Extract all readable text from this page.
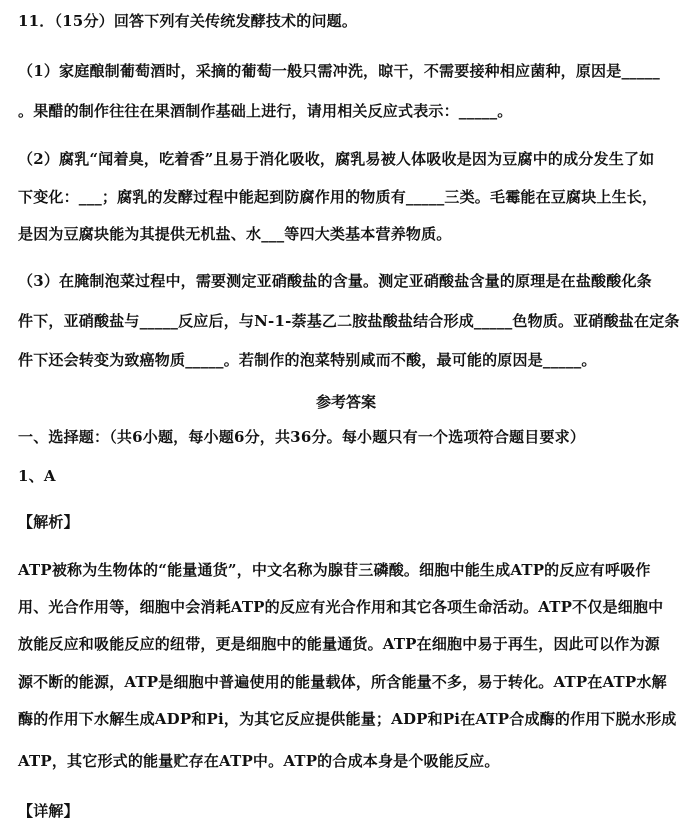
11．（15分）回答下列有关传统发酵技术的问题。
（1）家庭酿制葡萄酒时，采摘的葡萄一般只需冲洗，晾干，不需要接种相应菌种，原因是_____
。果醋的制作往往在果酒制作基础上进行，请用相关反应式表示：_____。
（2）腐乳“闻着臭，吃着香”且易于消化吸收，腐乳易被人体吸收是因为豆腐中的成分发生了如
下变化：___；腐乳的发酵过程中能起到防腐作用的物质有_____三类。毛霉能在豆腐块上生长，
是因为豆腐块能为其提供无机盐、水___等四大类基本营养物质。
（3）在腌制泡菜过程中，需要测定亚硝酸盐的含量。测定亚硝酸盐含量的原理是在盐酸酸化条
件下，亚硝酸盐与_____反应后，与N-1-萘基乙二胺盐酸盐结合形成_____色物质。亚硝酸盐在定条
件下还会转变为致癌物质_____。若制作的泡菜特别咸而不酸，最可能的原因是_____。
参考答案
一、选择题：（共6小题，每小题6分，共36分。每小题只有一个选项符合题目要求）
1、A
【解析】
ATP被称为生物体的“能量通货”，中文名称为腺苷三磷酸。细胞中能生成ATP的反应有呼吸作
用、光合作用等，细胞中会消耗ATP的反应有光合作用和其它各项生命活动。ATP不仅是细胞中
放能反应和吸能反应的纽带，更是细胞中的能量通货。ATP在细胞中易于再生，因此可以作为源
源不断的能源，ATP是细胞中普遍使用的能量载体，所含能量不多，易于转化。ATP在ATP水解
酶的作用下水解生成ADP和Pi，为其它反应提供能量；ADP和Pi在ATP合成酶的作用下脱水形成
ATP，其它形式的能量贮存在ATP中。ATP的合成本身是个吸能反应。
【详解】
